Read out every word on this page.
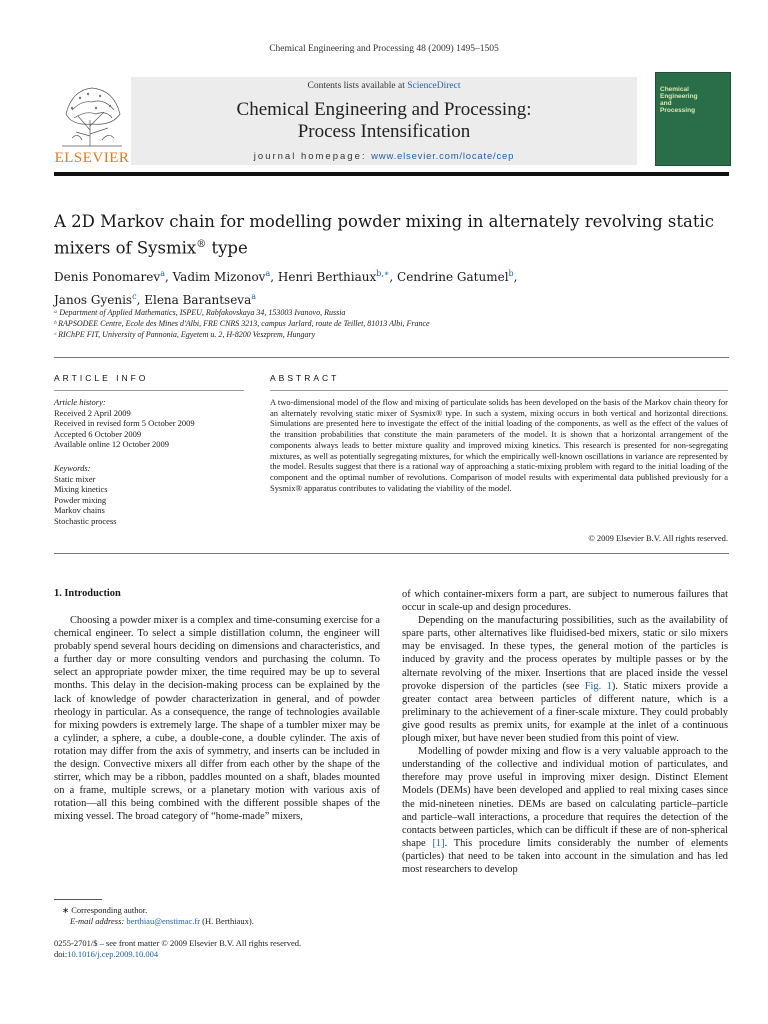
Chemical Engineering and Processing 48 (2009) 1495–1505
Contents lists available at ScienceDirect
Chemical Engineering and Processing:
Process Intensification
journal homepage: www.elsevier.com/locate/cep
ELSEVIER
Chemical
Engineering
and
Processing
A 2D Markov chain for modelling powder mixing in alternately revolving static mixers of Sysmix® type
Denis Ponomarev$^a$, Vadim Mizonov$^a$, Henri Berthiaux$^{b,∗}$, Cendrine Gatumel$^b$,
Janos Gyenis$^c$, Elena Barantseva$^a$
ᵃ Department of Applied Mathematics, ISPEU, Rabfakovskaya 34, 153003 Ivanovo, Russia
ᵇ RAPSODEE Centre, Ecole des Mines d'Albi, FRE CNRS 3213, campus Jarlard, route de Teillet, 81013 Albi, France
ᶜ RIChPE FIT, University of Pannonia, Egyetem u. 2, H-8200 Veszprem, Hungary
ARTICLE INFO
Article history:
Received 2 April 2009
Received in revised form 5 October 2009
Accepted 6 October 2009
Available online 12 October 2009
Keywords:
Static mixer
Mixing kinetics
Powder mixing
Markov chains
Stochastic process
ABSTRACT
A two-dimensional model of the flow and mixing of particulate solids has been developed on the basis of the Markov chain theory for an alternately revolving static mixer of Sysmix® type. In such a system, mixing occurs in both vertical and horizontal directions. Simulations are presented here to investigate the effect of the initial loading of the components, as well as the effect of the values of the transition probabilities that constitute the main parameters of the model. It is shown that a horizontal arrangement of the components always leads to better mixture quality and improved mixing kinetics. This research is presented for non-segregating mixtures, as well as potentially segregating mixtures, for which the empirically well-known oscillations in variance are represented by the model. Results suggest that there is a rational way of approaching a static-mixing problem with regard to the initial loading of the component and the optimal number of revolutions. Comparison of model results with experimental data published previously for a Sysmix® apparatus contributes to validating the viability of the model.
© 2009 Elsevier B.V. All rights reserved.
1. Introduction

Choosing a powder mixer is a complex and time-consuming exercise for a chemical engineer. To select a simple distillation column, the engineer will probably spend several hours deciding on dimensions and characteristics, and a further day or more consulting vendors and purchasing the column. To select an appropriate powder mixer, the time required may be up to several months. This delay in the decision-making process can be explained by the lack of knowledge of powder characterization in general, and of powder rheology in particular. As a consequence, the range of technologies available for mixing powders is extremely large. The shape of a tumbler mixer may be a cylinder, a sphere, a cube, a double-cone, a double cylinder. The axis of rotation may differ from the axis of symmetry, and inserts can be included in the design. Convective mixers all differ from each other by the shape of the stirrer, which may be a ribbon, paddles mounted on a shaft, blades mounted on a frame, multiple screws, or a planetary motion with various axis of rotation—all this being combined with the different possible shapes of the mixing vessel. The broad category of “home-made” mixers,

of which container-mixers form a part, are subject to numerous failures that occur in scale-up and design procedures.

Depending on the manufacturing possibilities, such as the availability of spare parts, other alternatives like fluidised-bed mixers, static or silo mixers may be envisaged. In these types, the general motion of the particles is induced by gravity and the process operates by multiple passes or by the alternate revolving of the mixer. Insertions that are placed inside the vessel provoke dispersion of the particles (see Fig. 1). Static mixers provide a greater contact area between particles of different nature, which is a preliminary to the achievement of a finer-scale mixture. They could probably give good results as premix units, for example at the inlet of a continuous plough mixer, but have never been studied from this point of view.

Modelling of powder mixing and flow is a very valuable approach to the understanding of the collective and individual motion of particulates, and therefore may prove useful in improving mixer design. Distinct Element Models (DEMs) have been developed and applied to real mixing cases since the mid-nineteen nineties. DEMs are based on calculating particle–particle and particle–wall interactions, a procedure that requires the detection of the contacts between particles, which can be difficult if these are of non-spherical shape [1]. This procedure limits considerably the number of elements (particles) that need to be taken into account in the simulation and has led most researchers to develop

∗ Corresponding author.
E-mail address: berthiau@enstimac.fr (H. Berthiaux).
0255-2701/$ – see front matter © 2009 Elsevier B.V. All rights reserved.
doi:10.1016/j.cep.2009.10.004
